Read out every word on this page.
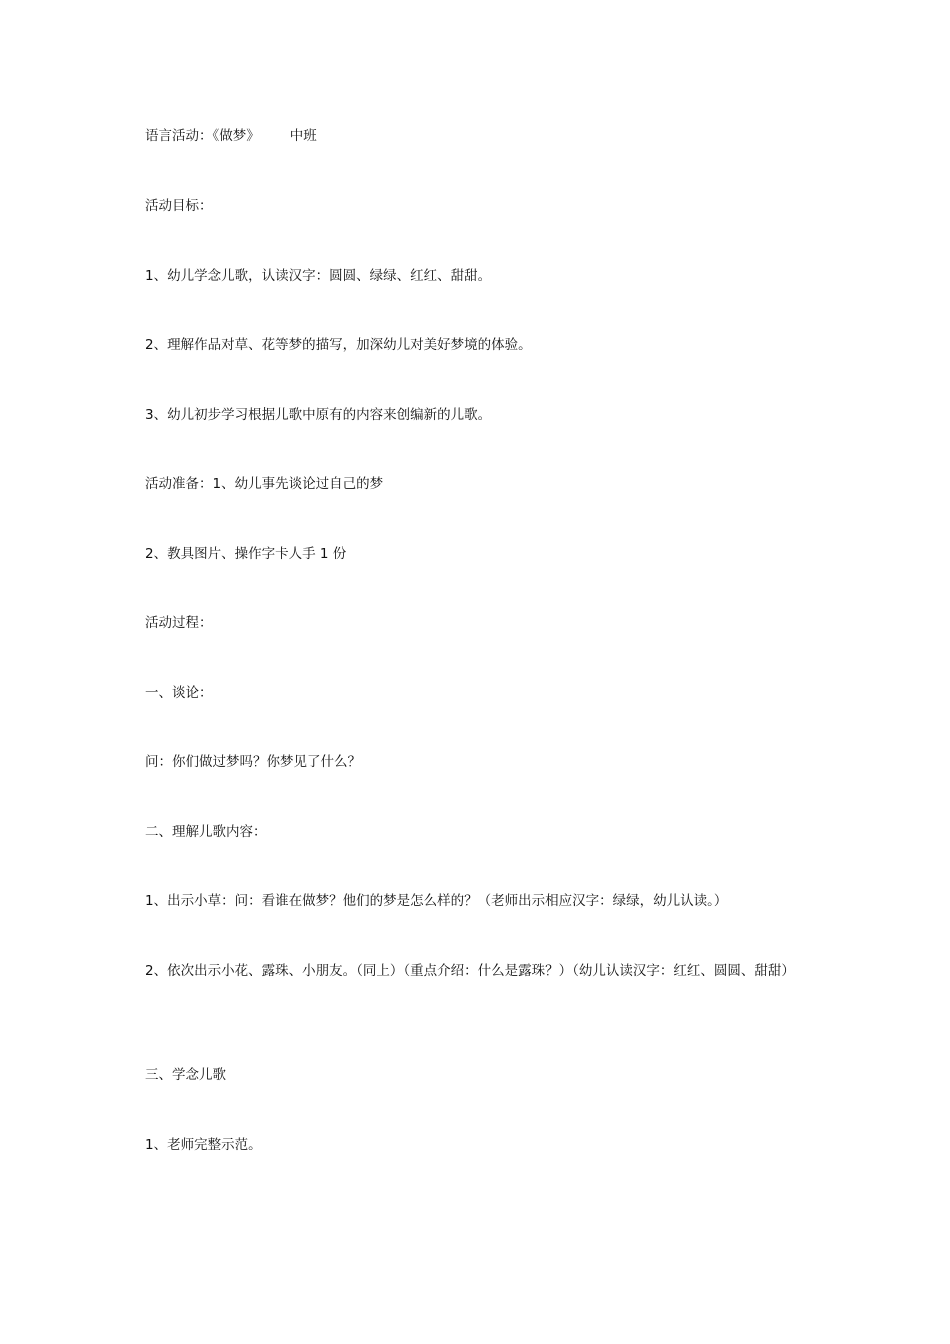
语言活动：《做梦》 中班
活动目标：
1、幼儿学念儿歌，认读汉字：圆圆、绿绿、红红、甜甜。
2、理解作品对草、花等梦的描写，加深幼儿对美好梦境的体验。
3、幼儿初步学习根据儿歌中原有的内容来创编新的儿歌。
活动准备：1、幼儿事先谈论过自己的梦
2、教具图片、操作字卡人手 1 份
活动过程：
一、谈论：
问：你们做过梦吗？你梦见了什么？
二、理解儿歌内容：
1、出示小草：问：看谁在做梦？他们的梦是怎么样的？（老师出示相应汉字：绿绿，幼儿认读。）
2、依次出示小花、露珠、小朋友。（同上）（重点介绍：什么是露珠？）（幼儿认读汉字：红红、圆圆、甜甜）
三、学念儿歌
1、老师完整示范。
